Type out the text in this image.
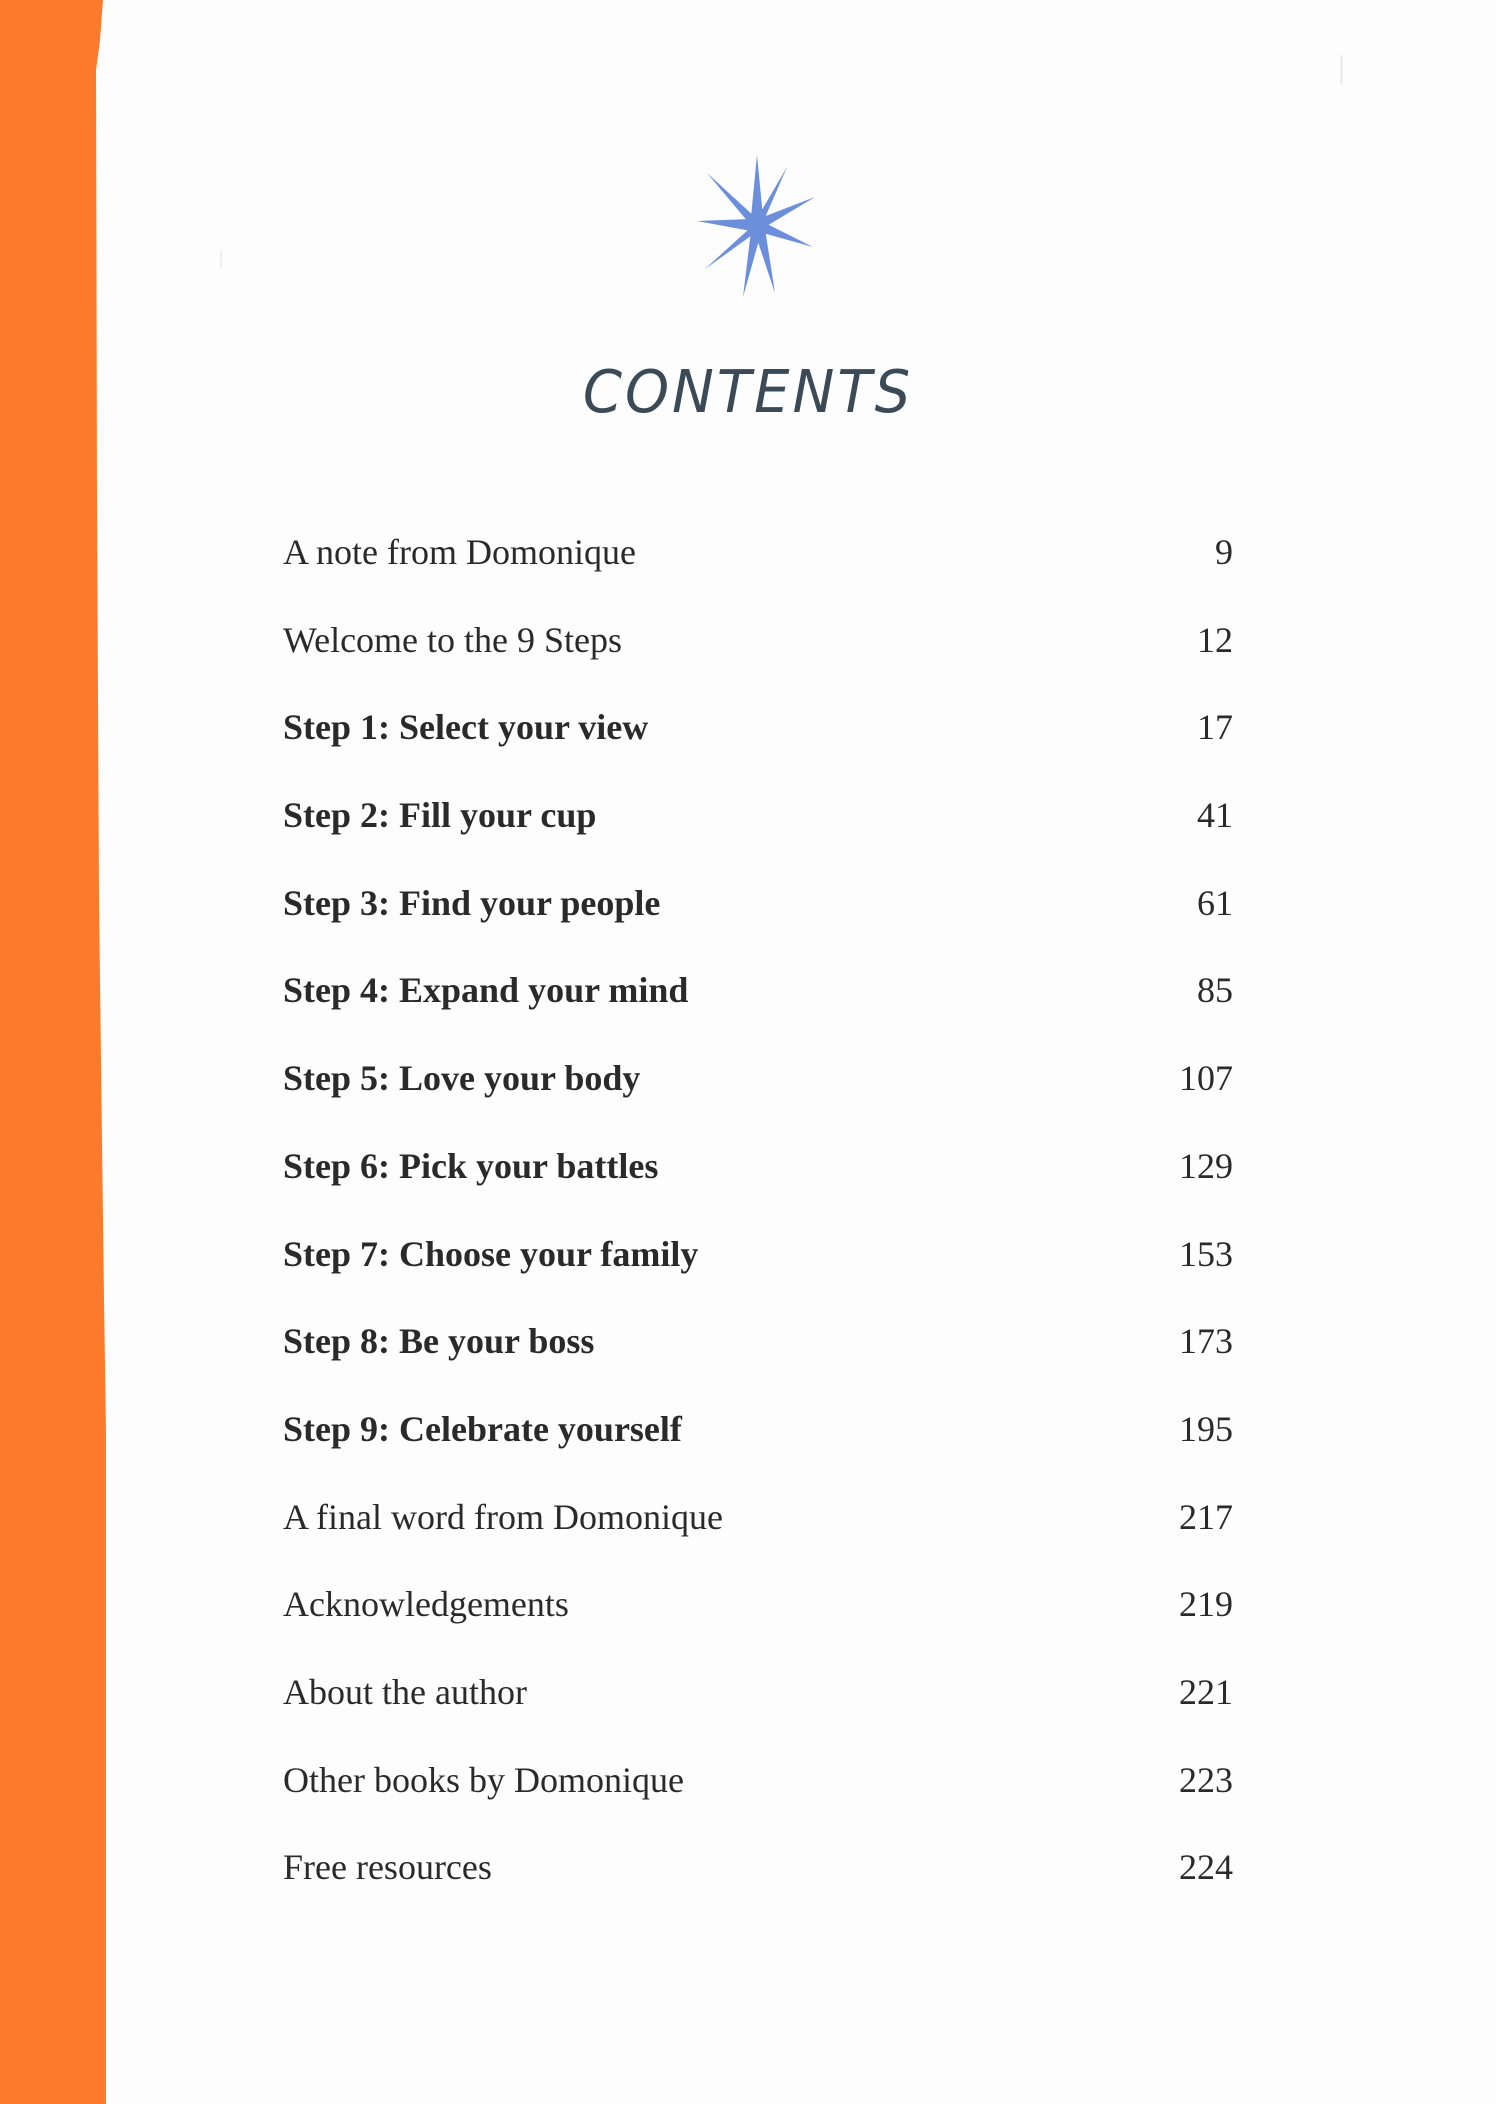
CONTENTS
A note from Domonique	9
Welcome to the 9 Steps	12
Step 1: Select your view	17
Step 2: Fill your cup	41
Step 3: Find your people	61
Step 4: Expand your mind	85
Step 5: Love your body	107
Step 6: Pick your battles	129
Step 7: Choose your family	153
Step 8: Be your boss	173
Step 9: Celebrate yourself	195
A final word from Domonique	217
Acknowledgements	219
About the author	221
Other books by Domonique	223
Free resources	224
